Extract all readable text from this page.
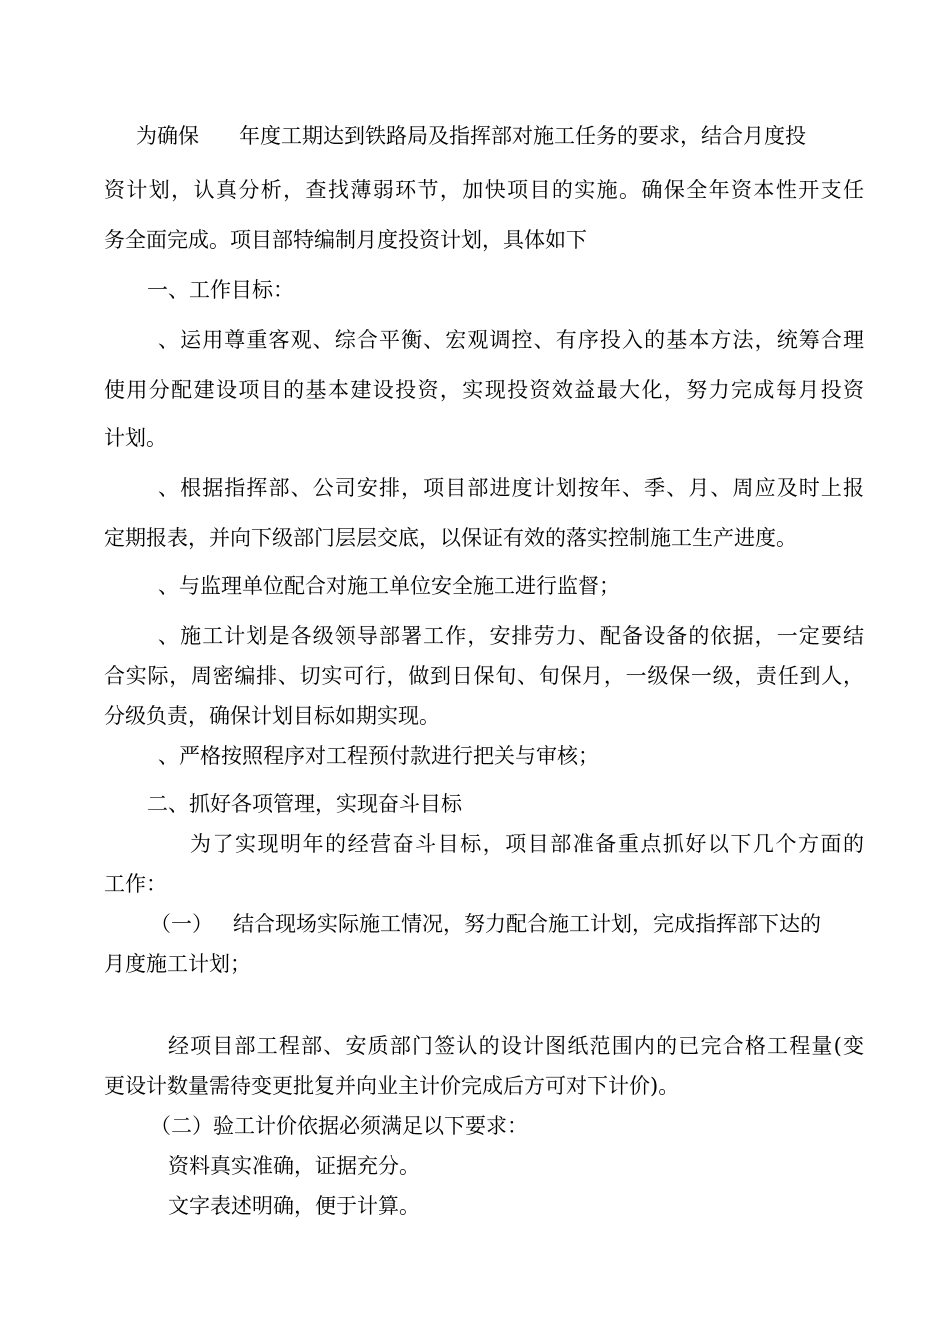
为确保      年度工期达到铁路局及指挥部对施工任务的要求，结合月度投
资计划，认真分析，查找薄弱环节，加快项目的实施。确保全年资本性开支任
务全面完成。项目部特编制月度投资计划，具体如下
一、工作目标：
、运用尊重客观、综合平衡、宏观调控、有序投入的基本方法，统筹合理
使用分配建设项目的基本建设投资，实现投资效益最大化，努力完成每月投资
计划。
、根据指挥部、公司安排，项目部进度计划按年、季、月、周应及时上报
定期报表，并向下级部门层层交底，以保证有效的落实控制施工生产进度。
、与监理单位配合对施工单位安全施工进行监督；
、施工计划是各级领导部署工作，安排劳力、配备设备的依据，一定要结
合实际，周密编排、切实可行，做到日保旬、旬保月，一级保一级，责任到人，
分级负责，确保计划目标如期实现。
、严格按照程序对工程预付款进行把关与审核；
二、抓好各项管理，实现奋斗目标
为了实现明年的经营奋斗目标，项目部准备重点抓好以下几个方面的
工作：
（一）   结合现场实际施工情况，努力配合施工计划，完成指挥部下达的
月度施工计划；
经项目部工程部、安质部门签认的设计图纸范围内的已完合格工程量(变
更设计数量需待变更批复并向业主计价完成后方可对下计价)。
（二）验工计价依据必须满足以下要求：
资料真实准确，证据充分。
文字表述明确，便于计算。
